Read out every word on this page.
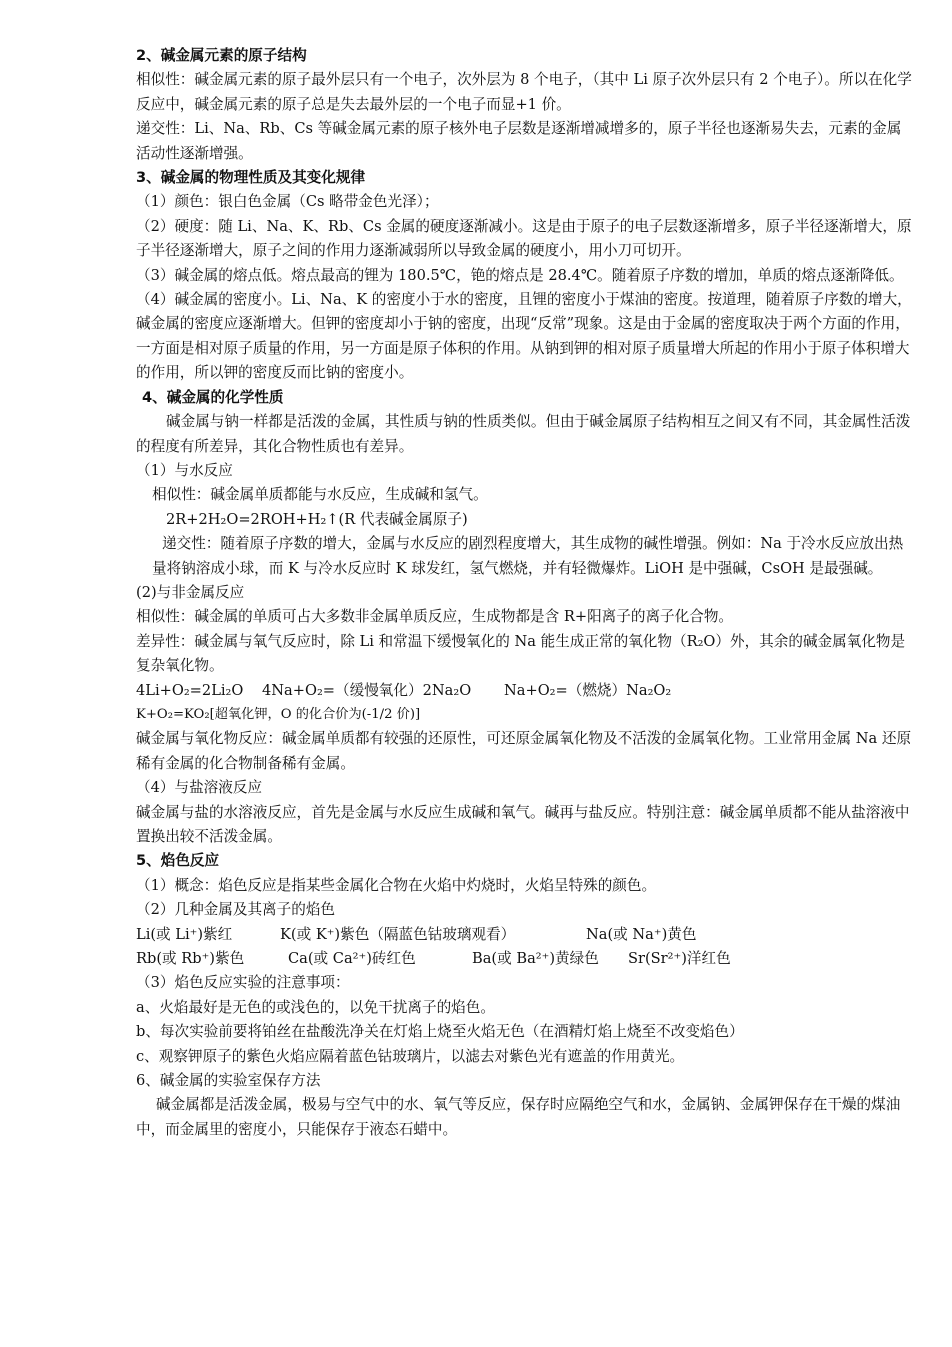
2、碱金属元素的原子结构

相似性：碱金属元素的原子最外层只有一个电子，次外层为 8 个电子，（其中 Li 原子次外层只有 2 个电子）。所以在化学反应中，碱金属元素的原子总是失去最外层的一个电子而显+1 价。

递交性：Li、Na、Rb、Cs 等碱金属元素的原子核外电子层数是逐渐增减增多的，原子半径也逐渐易失去，元素的金属活动性逐渐增强。

3、碱金属的物理性质及其变化规律

（1）颜色：银白色金属（Cs 略带金色光泽）；

（2）硬度：随 Li、Na、K、Rb、Cs 金属的硬度逐渐减小。这是由于原子的电子层数逐渐增多，原子半径逐渐增大，原子半径逐渐增大，原子之间的作用力逐渐减弱所以导致金属的硬度小，用小刀可切开。

（3）碱金属的熔点低。熔点最高的锂为 180.5℃，铯的熔点是 28.4℃。随着原子序数的增加，单质的熔点逐渐降低。

（4）碱金属的密度小。Li、Na、K 的密度小于水的密度，且锂的密度小于煤油的密度。按道理，随着原子序数的增大，碱金属的密度应逐渐增大。但钾的密度却小于钠的密度，出现“反常”现象。这是由于金属的密度取决于两个方面的作用，一方面是相对原子质量的作用，另一方面是原子体积的作用。从钠到钾的相对原子质量增大所起的作用小于原子体积增大的作用，所以钾的密度反而比钠的密度小。

4、碱金属的化学性质

碱金属与钠一样都是活泼的金属，其性质与钠的性质类似。但由于碱金属原子结构相互之间又有不同，其金属性活泼的程度有所差异，其化合物性质也有差异。

（1）与水反应

相似性：碱金属单质都能与水反应，生成碱和氢气。

2R+2H₂O=2ROH+H₂↑(R 代表碱金属原子)

递交性：随着原子序数的增大，金属与水反应的剧烈程度增大，其生成物的碱性增强。例如：Na 于冷水反应放出热量将钠溶成小球，而 K 与冷水反应时 K 球发红，氢气燃烧，并有轻微爆炸。LiOH 是中强碱，CsOH 是最强碱。

(2)与非金属反应

相似性：碱金属的单质可占大多数非金属单质反应，生成物都是含 R+阳离子的离子化合物。

差异性：碱金属与氧气反应时，除 Li 和常温下缓慢氧化的 Na 能生成正常的氧化物（R₂O）外，其余的碱金属氧化物是复杂氧化物。

4Li+O₂=2Li₂O 4Na+O₂=（缓慢氧化）2Na₂O Na+O₂=（燃烧）Na₂O₂

K+O₂=KO₂[超氧化钾，O 的化合价为(-1/2 价)]

碱金属与氧化物反应：碱金属单质都有较强的还原性，可还原金属氧化物及不活泼的金属氧化物。工业常用金属 Na 还原稀有金属的化合物制备稀有金属。

（4）与盐溶液反应

碱金属与盐的水溶液反应，首先是金属与水反应生成碱和氧气。碱再与盐反应。特别注意：碱金属单质都不能从盐溶液中置换出较不活泼金属。

5、焰色反应

（1）概念：焰色反应是指某些金属化合物在火焰中灼烧时，火焰呈特殊的颜色。

（2）几种金属及其离子的焰色

Li(或 Li⁺)紫红	K(或 K⁺)紫色（隔蓝色钴玻璃观看）	Na(或 Na⁺)黄色

Rb(或 Rb⁺)紫色	Ca(或 Ca²⁺)砖红色	Ba(或 Ba²⁺)黄绿色 Sr(Sr²⁺)洋红色

（3）焰色反应实验的注意事项：

a、火焰最好是无色的或浅色的，以免干扰离子的焰色。

b、每次实验前要将铂丝在盐酸洗净关在灯焰上烧至火焰无色（在酒精灯焰上烧至不改变焰色）

c、观察钾原子的紫色火焰应隔着蓝色钴玻璃片，以滤去对紫色光有遮盖的作用黄光。

6、碱金属的实验室保存方法

碱金属都是活泼金属，极易与空气中的水、氧气等反应，保存时应隔绝空气和水，金属钠、金属钾保存在干燥的煤油中，而金属里的密度小，只能保存于液态石蜡中。
